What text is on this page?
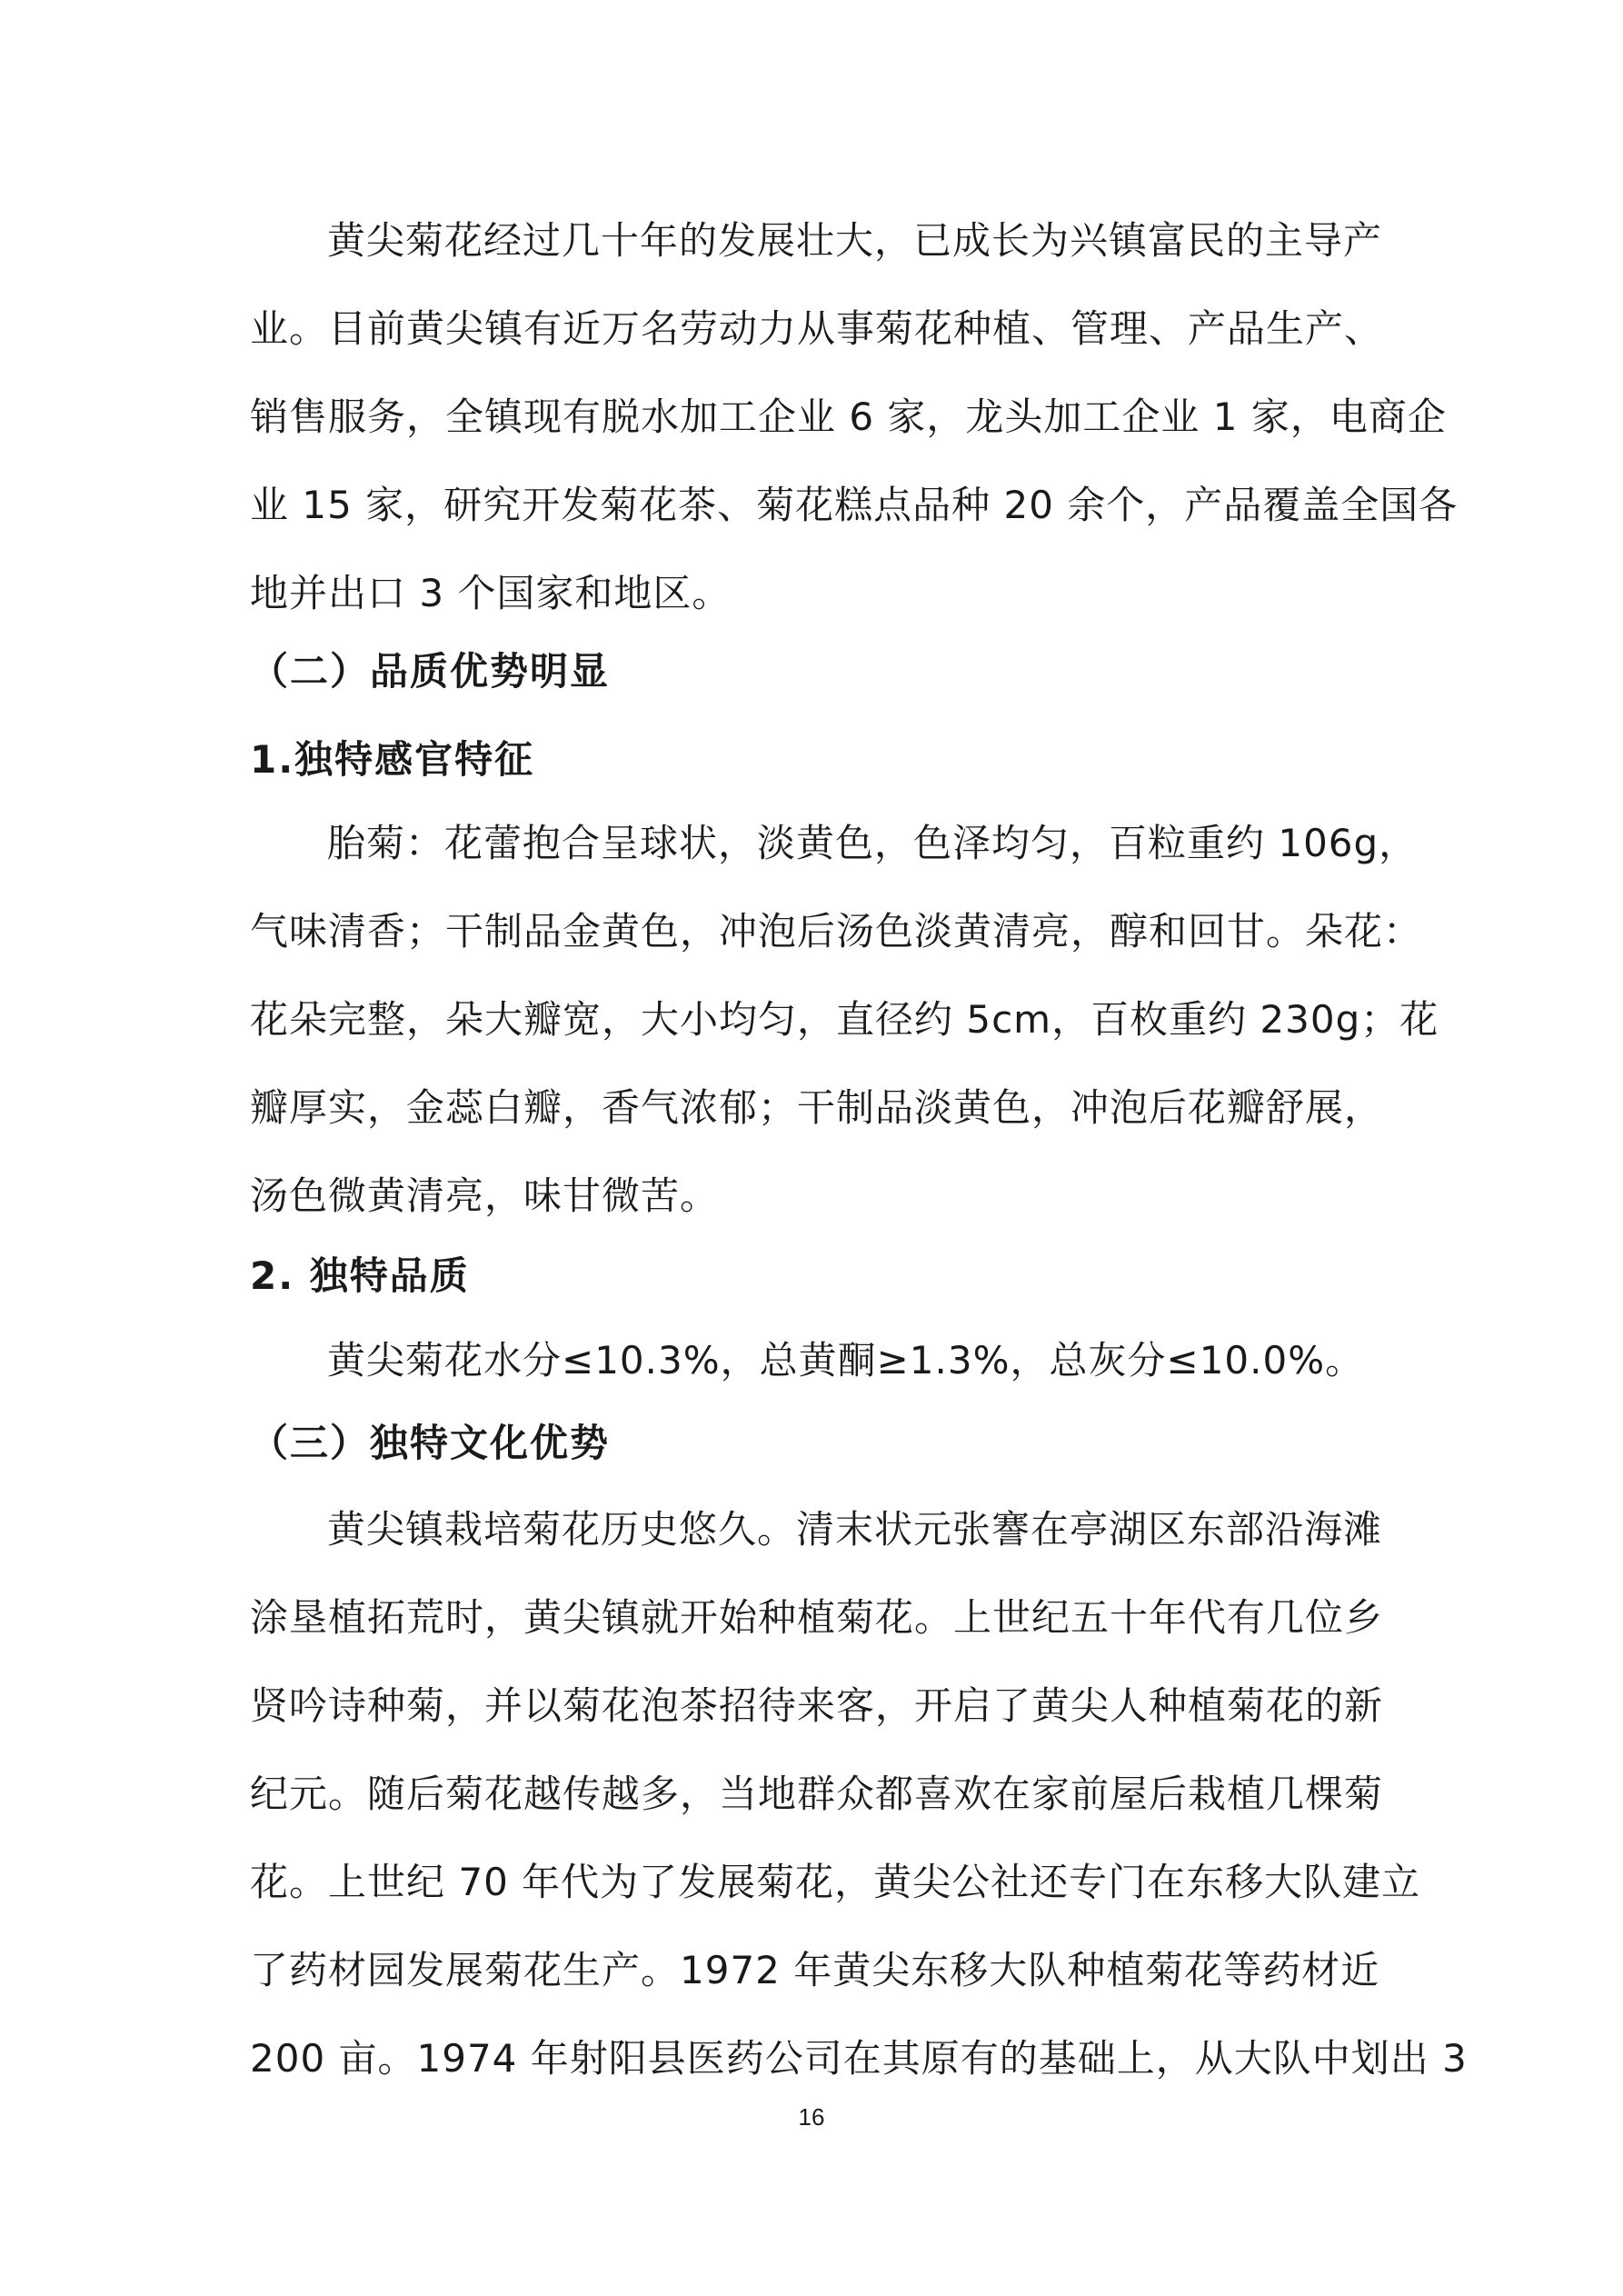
黄尖菊花经过几十年的发展壮大，已成长为兴镇富民的主导产
业。目前黄尖镇有近万名劳动力从事菊花种植、管理、产品生产、
销售服务，全镇现有脱水加工企业 6 家，龙头加工企业 1 家，电商企
业 15 家，研究开发菊花茶、菊花糕点品种 20 余个，产品覆盖全国各
地并出口 3 个国家和地区。
（二）品质优势明显
1.独特感官特征
胎菊：花蕾抱合呈球状，淡黄色，色泽均匀，百粒重约 106g，
气味清香；干制品金黄色，冲泡后汤色淡黄清亮，醇和回甘。朵花：
花朵完整，朵大瓣宽，大小均匀，直径约 5cm，百枚重约 230g；花
瓣厚实，金蕊白瓣，香气浓郁；干制品淡黄色，冲泡后花瓣舒展，
汤色微黄清亮，味甘微苦。
2. 独特品质
黄尖菊花水分≤10.3%，总黄酮≥1.3%，总灰分≤10.0%。
（三）独特文化优势
黄尖镇栽培菊花历史悠久。清末状元张謇在亭湖区东部沿海滩
涂垦植拓荒时，黄尖镇就开始种植菊花。上世纪五十年代有几位乡
贤吟诗种菊，并以菊花泡茶招待来客，开启了黄尖人种植菊花的新
纪元。随后菊花越传越多，当地群众都喜欢在家前屋后栽植几棵菊
花。上世纪 70 年代为了发展菊花，黄尖公社还专门在东移大队建立
了药材园发展菊花生产。1972 年黄尖东移大队种植菊花等药材近
200 亩。1974 年射阳县医药公司在其原有的基础上，从大队中划出 3
16
